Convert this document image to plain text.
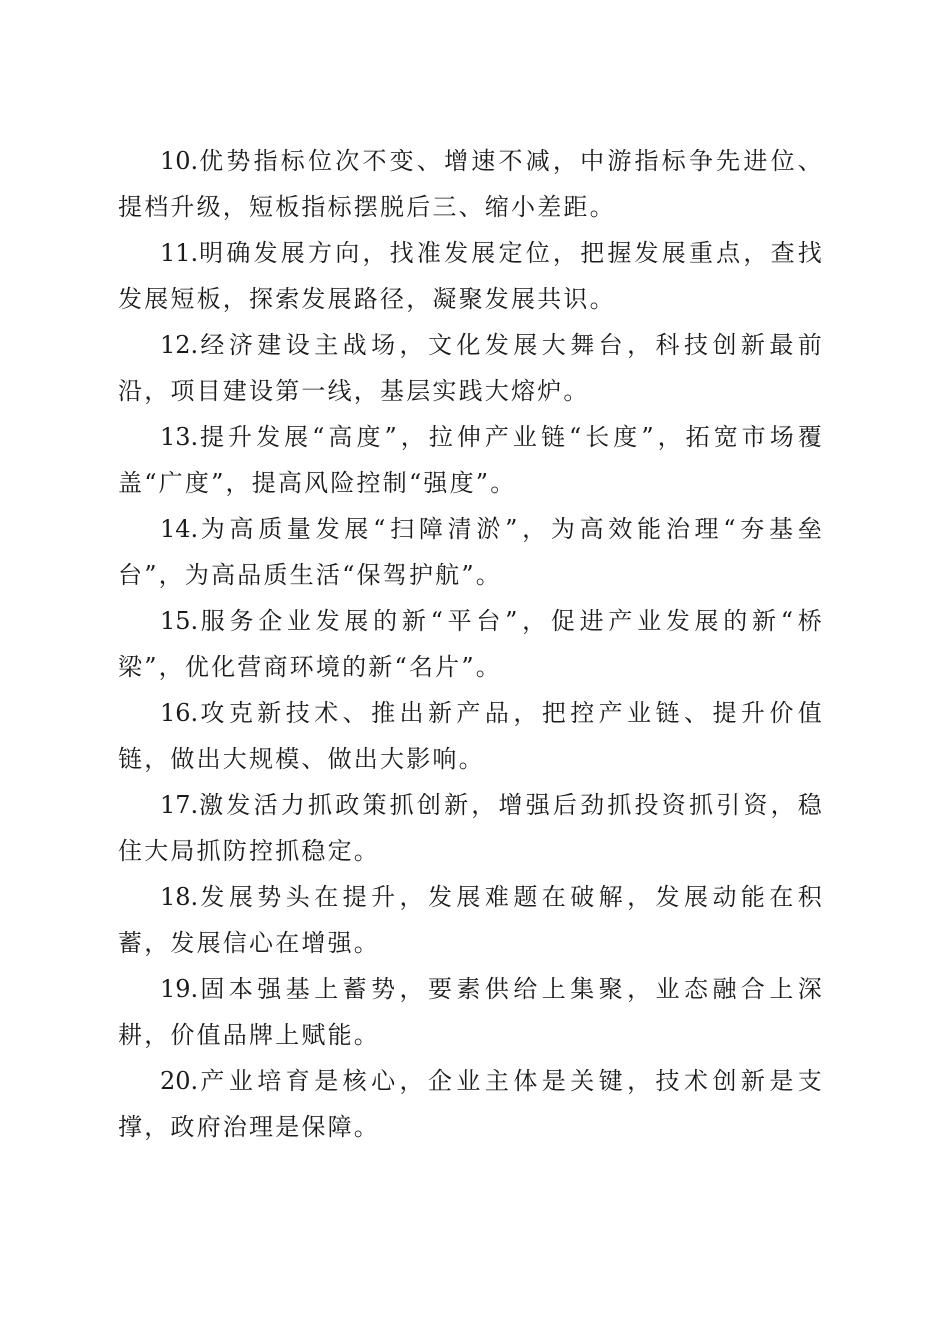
10.优势指标位次不变、增速不减，中游指标争先进位、提档升级，短板指标摆脱后三、缩小差距。

11.明确发展方向，找准发展定位，把握发展重点，查找发展短板，探索发展路径，凝聚发展共识。

12.经济建设主战场，文化发展大舞台，科技创新最前沿，项目建设第一线，基层实践大熔炉。

13.提升发展“高度”，拉伸产业链“长度”，拓宽市场覆盖“广度”，提高风险控制“强度”。

14.为高质量发展“扫障清淤”，为高效能治理“夯基垒台”，为高品质生活“保驾护航”。

15.服务企业发展的新“平台”，促进产业发展的新“桥梁”，优化营商环境的新“名片”。

16.攻克新技术、推出新产品，把控产业链、提升价值链，做出大规模、做出大影响。

17.激发活力抓政策抓创新，增强后劲抓投资抓引资，稳住大局抓防控抓稳定。

18.发展势头在提升，发展难题在破解，发展动能在积蓄，发展信心在增强。

19.固本强基上蓄势，要素供给上集聚，业态融合上深耕，价值品牌上赋能。

20.产业培育是核心，企业主体是关键，技术创新是支撑，政府治理是保障。
